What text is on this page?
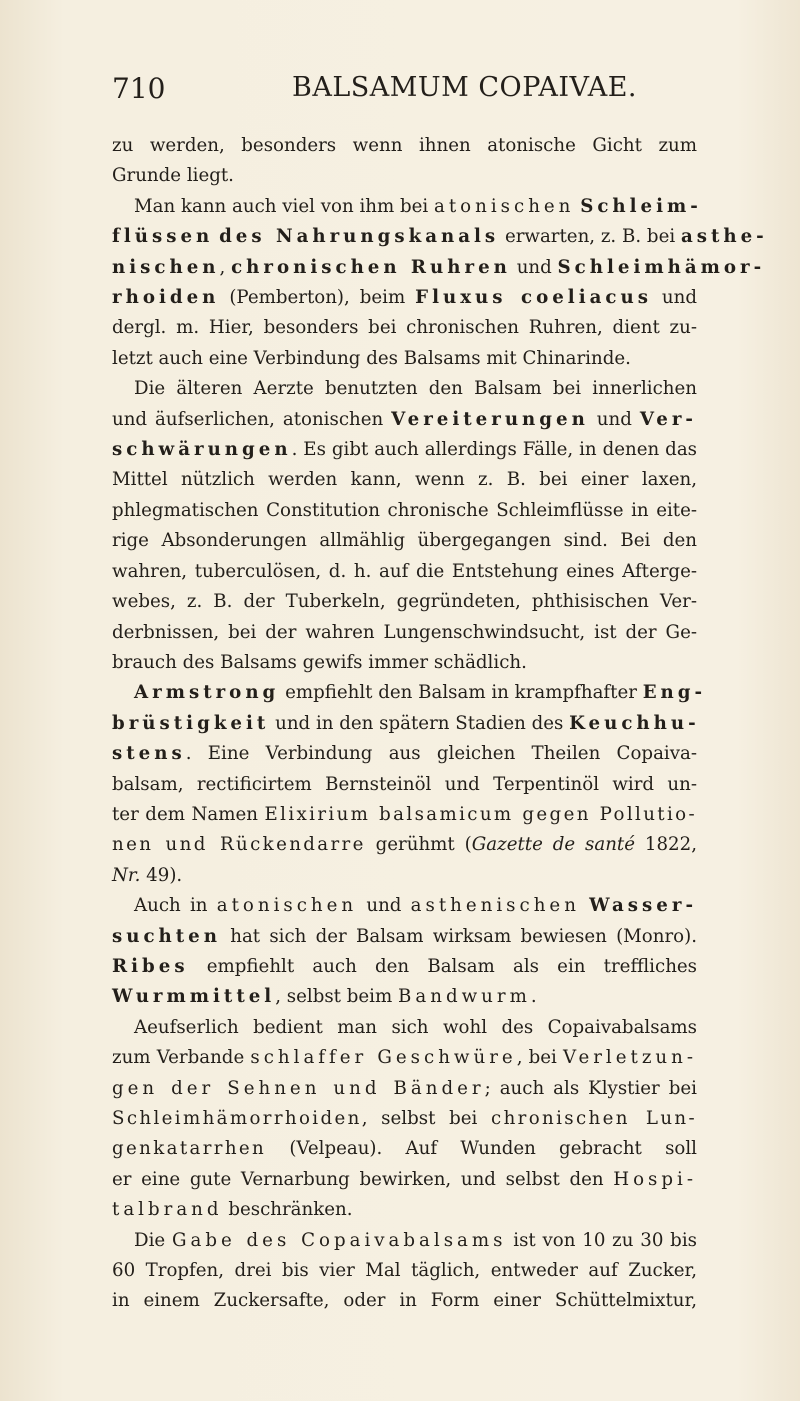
710	BALSAMUM COPAIVAE.
zu werden, besonders wenn ihnen atonische Gicht zum
Grunde liegt.
Man kann auch viel von ihm bei atonischen Schleim-
flüssen des Nahrungskanals erwarten, z. B. bei asthe-
nischen, chronischen Ruhren und Schleimhämor-
rhoiden (Pemberton), beim Fluxus coeliacus und
dergl. m. Hier, besonders bei chronischen Ruhren, dient zu-
letzt auch eine Verbindung des Balsams mit Chinarinde.
Die älteren Aerzte benutzten den Balsam bei innerlichen
und äufserlichen, atonischen Vereiterungen und Ver-
schwärungen. Es gibt auch allerdings Fälle, in denen das
Mittel nützlich werden kann, wenn z. B. bei einer laxen,
phlegmatischen Constitution chronische Schleimflüsse in eite-
rige Absonderungen allmählig übergegangen sind. Bei den
wahren, tuberculösen, d. h. auf die Entstehung eines Afterge-
webes, z. B. der Tuberkeln, gegründeten, phthisischen Ver-
derbnissen, bei der wahren Lungenschwindsucht, ist der Ge-
brauch des Balsams gewifs immer schädlich.
Armstrong empfiehlt den Balsam in krampfhafter Eng-
brüstigkeit und in den spätern Stadien des Keuchhu-
stens. Eine Verbindung aus gleichen Theilen Copaiva-
balsam, rectificirtem Bernsteinöl und Terpentinöl wird un-
ter dem Namen Elixirium balsamicum gegen Pollutio-
nen und Rückendarre gerühmt (Gazette de santé 1822,
Nr. 49).
Auch in atonischen und asthenischen Wasser-
suchten hat sich der Balsam wirksam bewiesen (Monro).
Ribes empfiehlt auch den Balsam als ein treffliches
Wurmmittel, selbst beim Bandwurm.
Aeufserlich bedient man sich wohl des Copaivabalsams
zum Verbande schlaffer Geschwüre, bei Verletzun-
gen der Sehnen und Bänder; auch als Klystier bei
Schleimhämorrhoiden, selbst bei chronischen Lun-
genkatarrhen (Velpeau). Auf Wunden gebracht soll
er eine gute Vernarbung bewirken, und selbst den Hospi-
talbrand beschränken.
Die Gabe des Copaivabalsams ist von 10 zu 30 bis
60 Tropfen, drei bis vier Mal täglich, entweder auf Zucker,
in einem Zuckersafte, oder in Form einer Schüttelmixtur,
